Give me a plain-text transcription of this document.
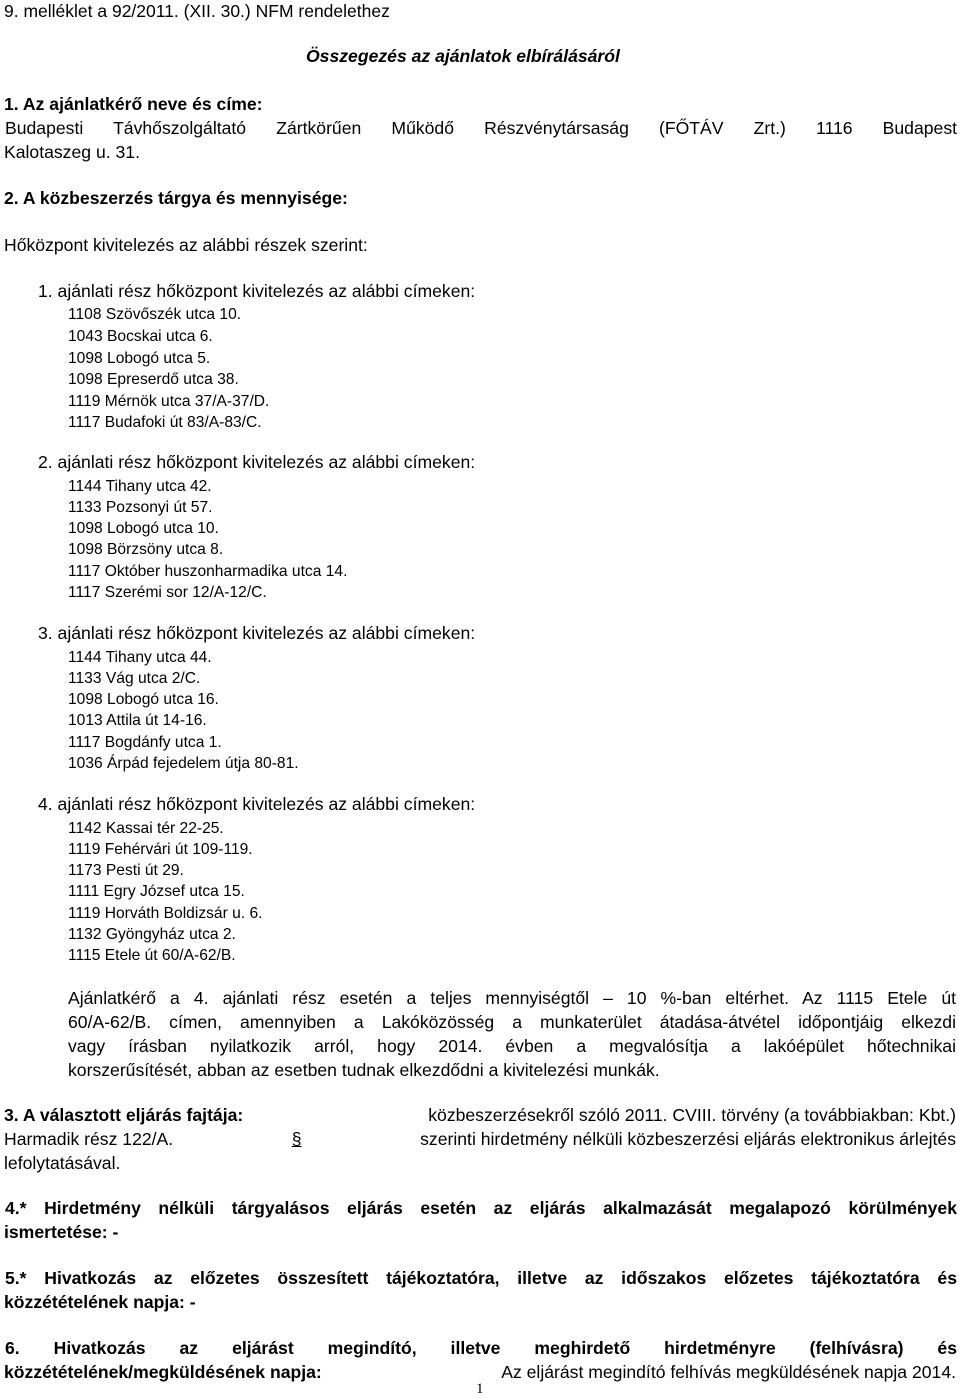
9. melléklet a 92/2011. (XII. 30.) NFM rendelethez
Összegezés az ajánlatok elbírálásáról
1. Az ajánlatkérő neve és címe:
Budapesti Távhőszolgáltató Zártkörűen Működő Részvénytársaság (FŐTÁV Zrt.) 1116 Budapest
Kalotaszeg u. 31.
2. A közbeszerzés tárgya és mennyisége:
Hőközpont kivitelezés az alábbi részek szerint:
1. ajánlati rész hőközpont kivitelezés az alábbi címeken:
1108 Szövőszék utca 10.
1043 Bocskai utca 6.
1098 Lobogó utca 5.
1098 Epreserdő utca 38.
1119 Mérnök utca 37/A-37/D.
1117 Budafoki út 83/A-83/C.
2. ajánlati rész hőközpont kivitelezés az alábbi címeken:
1144 Tihany utca 42.
1133 Pozsonyi út 57.
1098 Lobogó utca 10.
1098 Börzsöny utca 8.
1117 Október huszonharmadika utca 14.
1117 Szerémi sor 12/A-12/C.
3. ajánlati rész hőközpont kivitelezés az alábbi címeken:
1144 Tihany utca 44.
1133 Vág utca 2/C.
1098 Lobogó utca 16.
1013 Attila út 14-16.
1117 Bogdánfy utca 1.
1036 Árpád fejedelem útja 80-81.
4. ajánlati rész hőközpont kivitelezés az alábbi címeken:
1142 Kassai tér 22-25.
1119 Fehérvári út 109-119.
1173 Pesti út 29.
1111 Egry József utca 15.
1119 Horváth Boldizsár u. 6.
1132 Gyöngyház utca 2.
1115 Etele út 60/A-62/B.
Ajánlatkérő a 4. ajánlati rész esetén a teljes mennyiségtől – 10 %-ban eltérhet. Az 1115 Etele út
60/A-62/B. címen, amennyiben a Lakóközösség a munkaterület átadása-átvétel időpontjáig elkezdi
vagy írásban nyilatkozik arról, hogy 2014. évben a megvalósítja a lakóépület hőtechnikai
korszerűsítését, abban az esetben tudnak elkezdődni a kivitelezési munkák.
3. A választott eljárás fajtája:	közbeszerzésekről szóló 2011. CVIII. törvény (a továbbiakban: Kbt.)
Harmadik rész 122/A.	§	szerinti hirdetmény nélküli közbeszerzési eljárás elektronikus árlejtés
lefolytatásával.
4.* Hirdetmény nélküli tárgyalásos eljárás esetén az eljárás alkalmazását megalapozó körülmények
ismertetése: -
5.* Hivatkozás az előzetes összesített tájékoztatóra, illetve az időszakos előzetes tájékoztatóra és
közzétételének napja: -
6. Hivatkozás az eljárást megindító, illetve meghirdető hirdetményre (felhívásra) és
közzétételének/megküldésének napja:	Az eljárást megindító felhívás megküldésének napja 2014.
1
